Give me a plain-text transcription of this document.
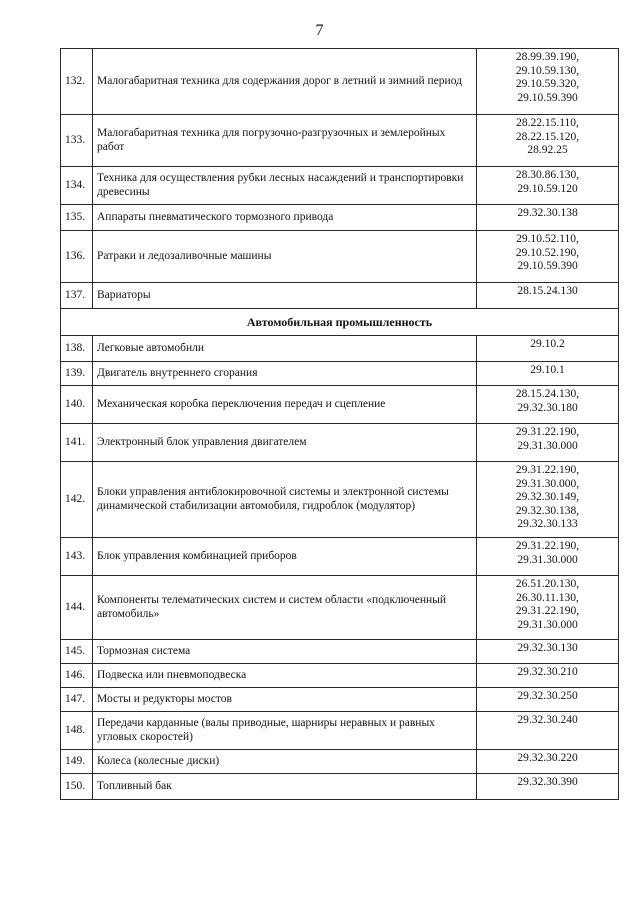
7
132.	Малогабаритная техника для содержания дорог в летний и зимний период	28.99.39.190,
29.10.59.130,
29.10.59.320,
29.10.59.390

133.	Малогабаритная техника для погрузочно-разгрузочных и землеройных работ	28.22.15.110,
28.22.15.120,
28.92.25

134.	Техника для осуществления рубки лесных насаждений и транспортировки древесины	28.30.86.130,
29.10.59.120

135.	Аппараты пневматического тормозного привода	29.32.30.138

136.	Ратраки и ледозаливочные машины	29.10.52.110,
29.10.52.190,
29.10.59.390

137.	Вариаторы	28.15.24.130

Автомобильная промышленность		
138.	Легковые автомобили	29.10.2

139.	Двигатель внутреннего сгорания	29.10.1

140.	Механическая коробка переключения передач и сцепление	28.15.24.130,
29.32.30.180

141.	Электронный блок управления двигателем	29.31.22.190,
29.31.30.000

142.	Блоки управления антиблокировочной системы и электронной системы динамической стабилизации автомобиля, гидроблок (модулятор)	29.31.22.190,
29.31.30.000,
29.32.30.149,
29.32.30.138,
29.32.30.133

143.	Блок управления комбинацией приборов	29.31.22.190,
29.31.30.000

144.	Компоненты телематических систем и систем области «подключенный автомобиль»	26.51.20.130,
26.30.11.130,
29.31.22.190,
29.31.30.000

145.	Тормозная система	29.32.30.130

146.	Подвеска или пневмоподвеска	29.32.30.210

147.	Мосты и редукторы мостов	29.32.30.250

148.	Передачи карданные (валы приводные, шарниры неравных и равных угловых скоростей)	29.32.30.240

149.	Колеса (колесные диски)	29.32.30.220

150.	Топливный бак	29.32.30.390
